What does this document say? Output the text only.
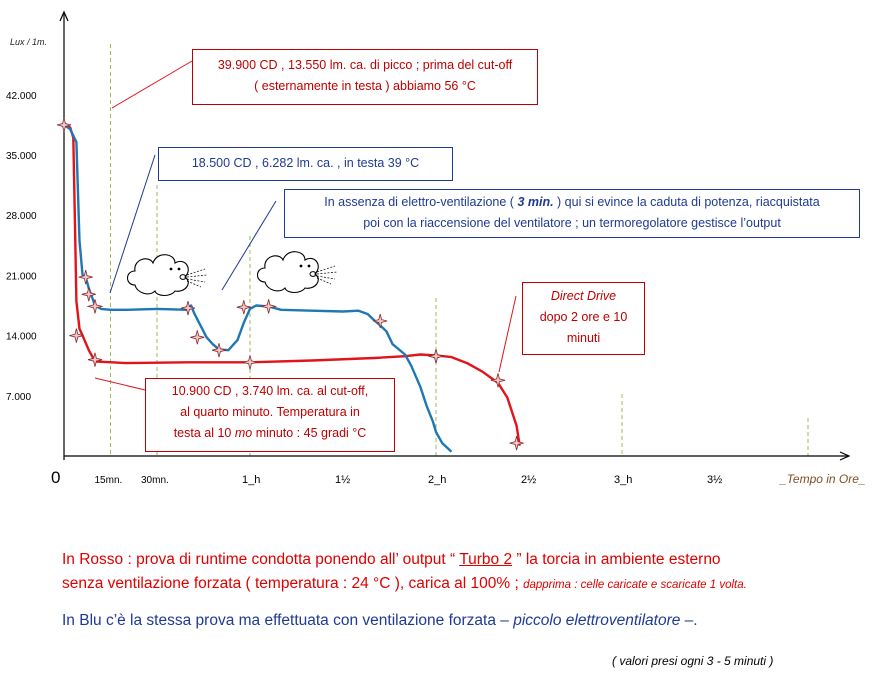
42.000
35.000
28.000
21.000
14.000
7.000
15mn. 30mn.	1_h	1½	2_h	2½	3_h	3½
Lux / 1m.
0	_Tempo in Ore_
39.900 CD , 13.550 lm. ca. di picco ; prima del cut-off
( esternamente in testa ) abbiamo 56 °C
18.500 CD , 6.282 lm. ca. , in testa 39 °C
In assenza di elettro-ventilazione ( 3 min. ) qui si evince la caduta di potenza, riacquistata
poi con la riaccensione del ventilatore ; un termoregolatore gestisce l’output
Direct Drive
dopo 2 ore e 10
minuti
10.900 CD , 3.740 lm. ca. al cut-off,
al quarto minuto. Temperatura in
testa al 10 mo minuto : 45 gradi °C
In Rosso : prova di runtime condotta ponendo all’ output “ Turbo 2 ” la torcia in ambiente esterno
senza ventilazione forzata ( temperatura : 24 °C ), carica al 100% ; dapprima : celle caricate e scaricate 1 volta.
In Blu c’è la stessa prova ma effettuata con ventilazione forzata – piccolo elettroventilatore –.
( valori presi ogni 3 - 5 minuti )
